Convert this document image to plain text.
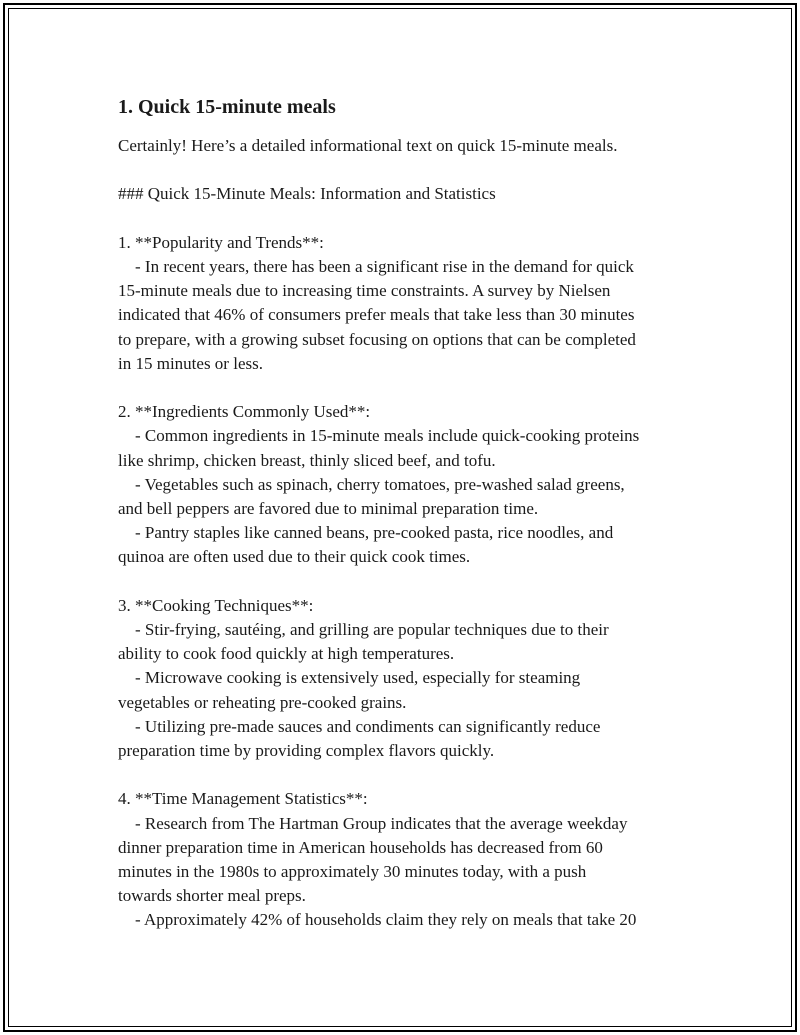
1. Quick 15-minute meals
Certainly! Here’s a detailed informational text on quick 15-minute meals.
### Quick 15-Minute Meals: Information and Statistics
1. **Popularity and Trends**:
- In recent years, there has been a significant rise in the demand for quick
15-minute meals due to increasing time constraints. A survey by Nielsen
indicated that 46% of consumers prefer meals that take less than 30 minutes
to prepare, with a growing subset focusing on options that can be completed
in 15 minutes or less.
2. **Ingredients Commonly Used**:
- Common ingredients in 15-minute meals include quick-cooking proteins
like shrimp, chicken breast, thinly sliced beef, and tofu.
- Vegetables such as spinach, cherry tomatoes, pre-washed salad greens,
and bell peppers are favored due to minimal preparation time.
- Pantry staples like canned beans, pre-cooked pasta, rice noodles, and
quinoa are often used due to their quick cook times.
3. **Cooking Techniques**:
- Stir-frying, sautéing, and grilling are popular techniques due to their
ability to cook food quickly at high temperatures.
- Microwave cooking is extensively used, especially for steaming
vegetables or reheating pre-cooked grains.
- Utilizing pre-made sauces and condiments can significantly reduce
preparation time by providing complex flavors quickly.
4. **Time Management Statistics**:
- Research from The Hartman Group indicates that the average weekday
dinner preparation time in American households has decreased from 60
minutes in the 1980s to approximately 30 minutes today, with a push
towards shorter meal preps.
- Approximately 42% of households claim they rely on meals that take 20
